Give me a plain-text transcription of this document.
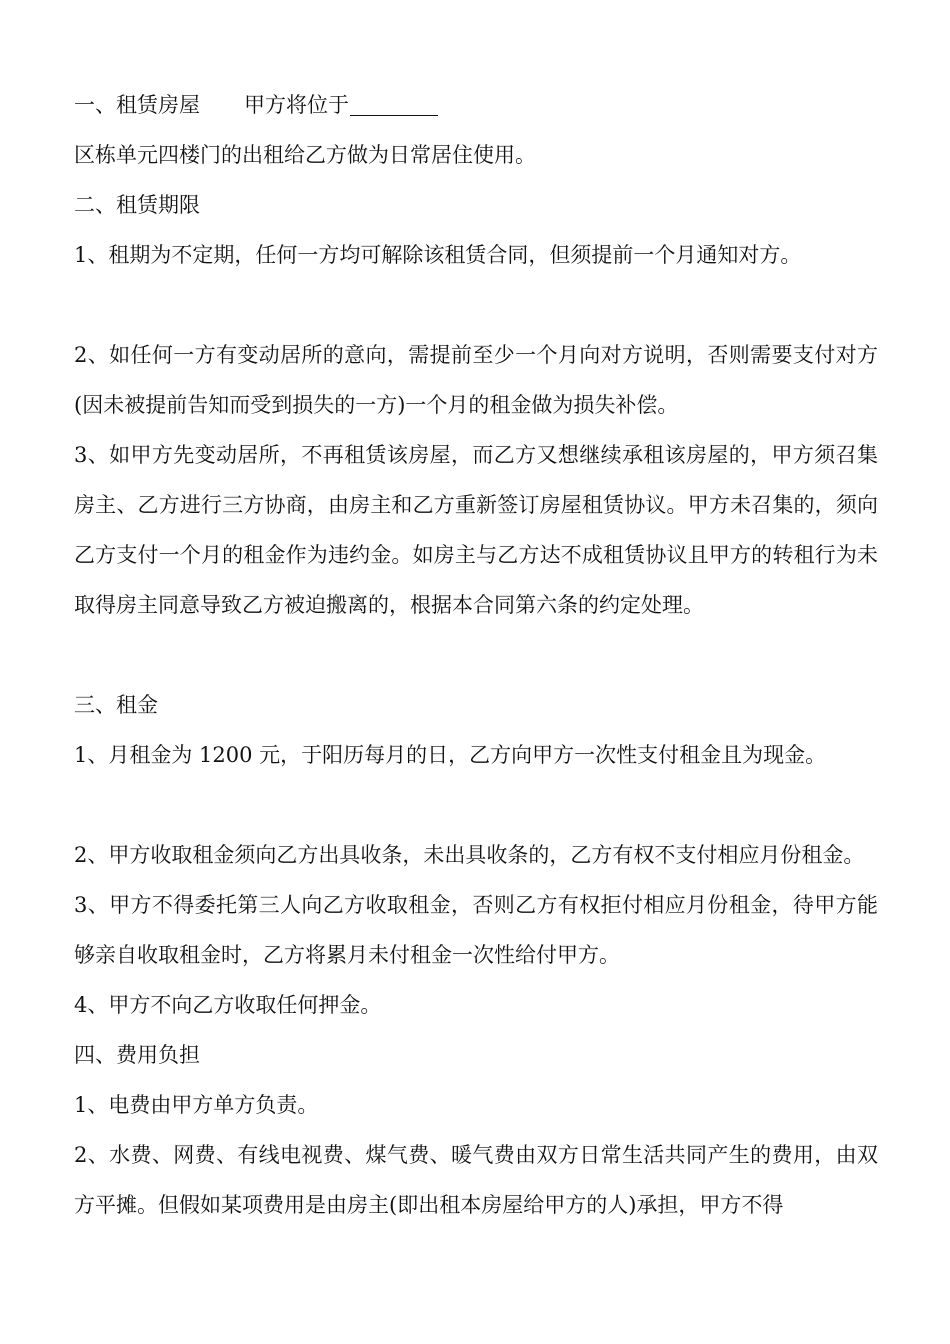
一、租赁房屋 甲方将位于

区栋单元四楼门的出租给乙方做为日常居住使用。

二、租赁期限

1、租期为不定期，任何一方均可解除该租赁合同，但须提前一个月通知对方。

2、如任何一方有变动居所的意向，需提前至少一个月向对方说明，否则需要支付对方(因未被提前告知而受到损失的一方)一个月的租金做为损失补偿。

3、如甲方先变动居所，不再租赁该房屋，而乙方又想继续承租该房屋的，甲方须召集房主、乙方进行三方协商，由房主和乙方重新签订房屋租赁协议。甲方未召集的，须向乙方支付一个月的租金作为违约金。如房主与乙方达不成租赁协议且甲方的转租行为未取得房主同意导致乙方被迫搬离的，根据本合同第六条的约定处理。

三、租金

1、月租金为 1200 元，于阳历每月的日，乙方向甲方一次性支付租金且为现金。

2、甲方收取租金须向乙方出具收条，未出具收条的，乙方有权不支付相应月份租金。

3、甲方不得委托第三人向乙方收取租金，否则乙方有权拒付相应月份租金，待甲方能够亲自收取租金时，乙方将累月未付租金一次性给付甲方。

4、甲方不向乙方收取任何押金。

四、费用负担

1、电费由甲方单方负责。

2、水费、网费、有线电视费、煤气费、暖气费由双方日常生活共同产生的费用，由双方平摊。但假如某项费用是由房主(即出租本房屋给甲方的人)承担，甲方不得
